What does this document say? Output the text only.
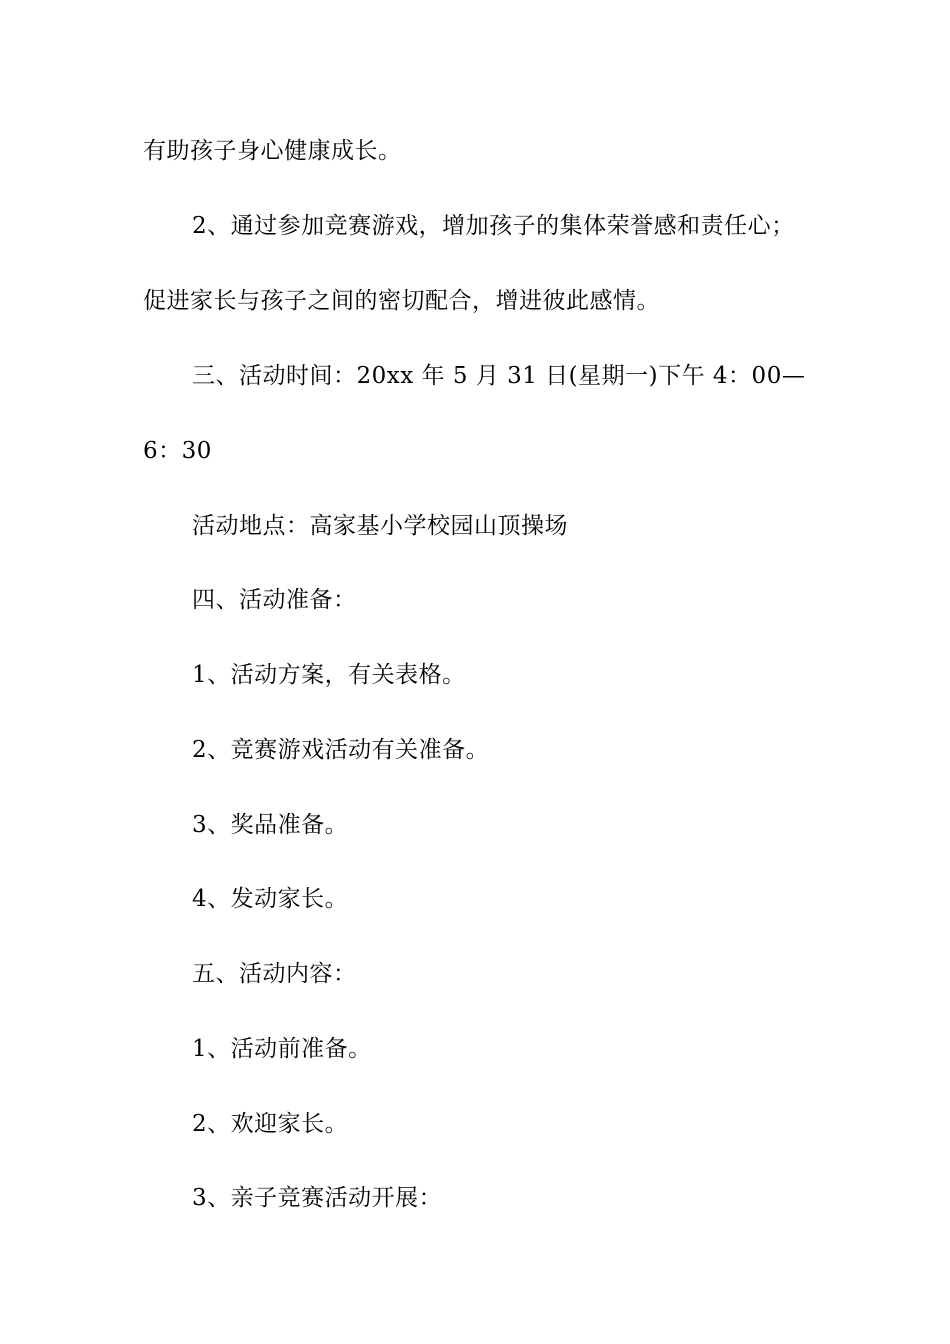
有助孩子身心健康成长。
2、通过参加竞赛游戏，增加孩子的集体荣誉感和责任心；
促进家长与孩子之间的密切配合，增进彼此感情。
三、活动时间：20xx 年 5 月 31 日(星期一)下午 4：00—
6：30
活动地点：高家基小学校园山顶操场
四、活动准备：
1、活动方案，有关表格。
2、竞赛游戏活动有关准备。
3、奖品准备。
4、发动家长。
五、活动内容：
1、活动前准备。
2、欢迎家长。
3、亲子竞赛活动开展：
